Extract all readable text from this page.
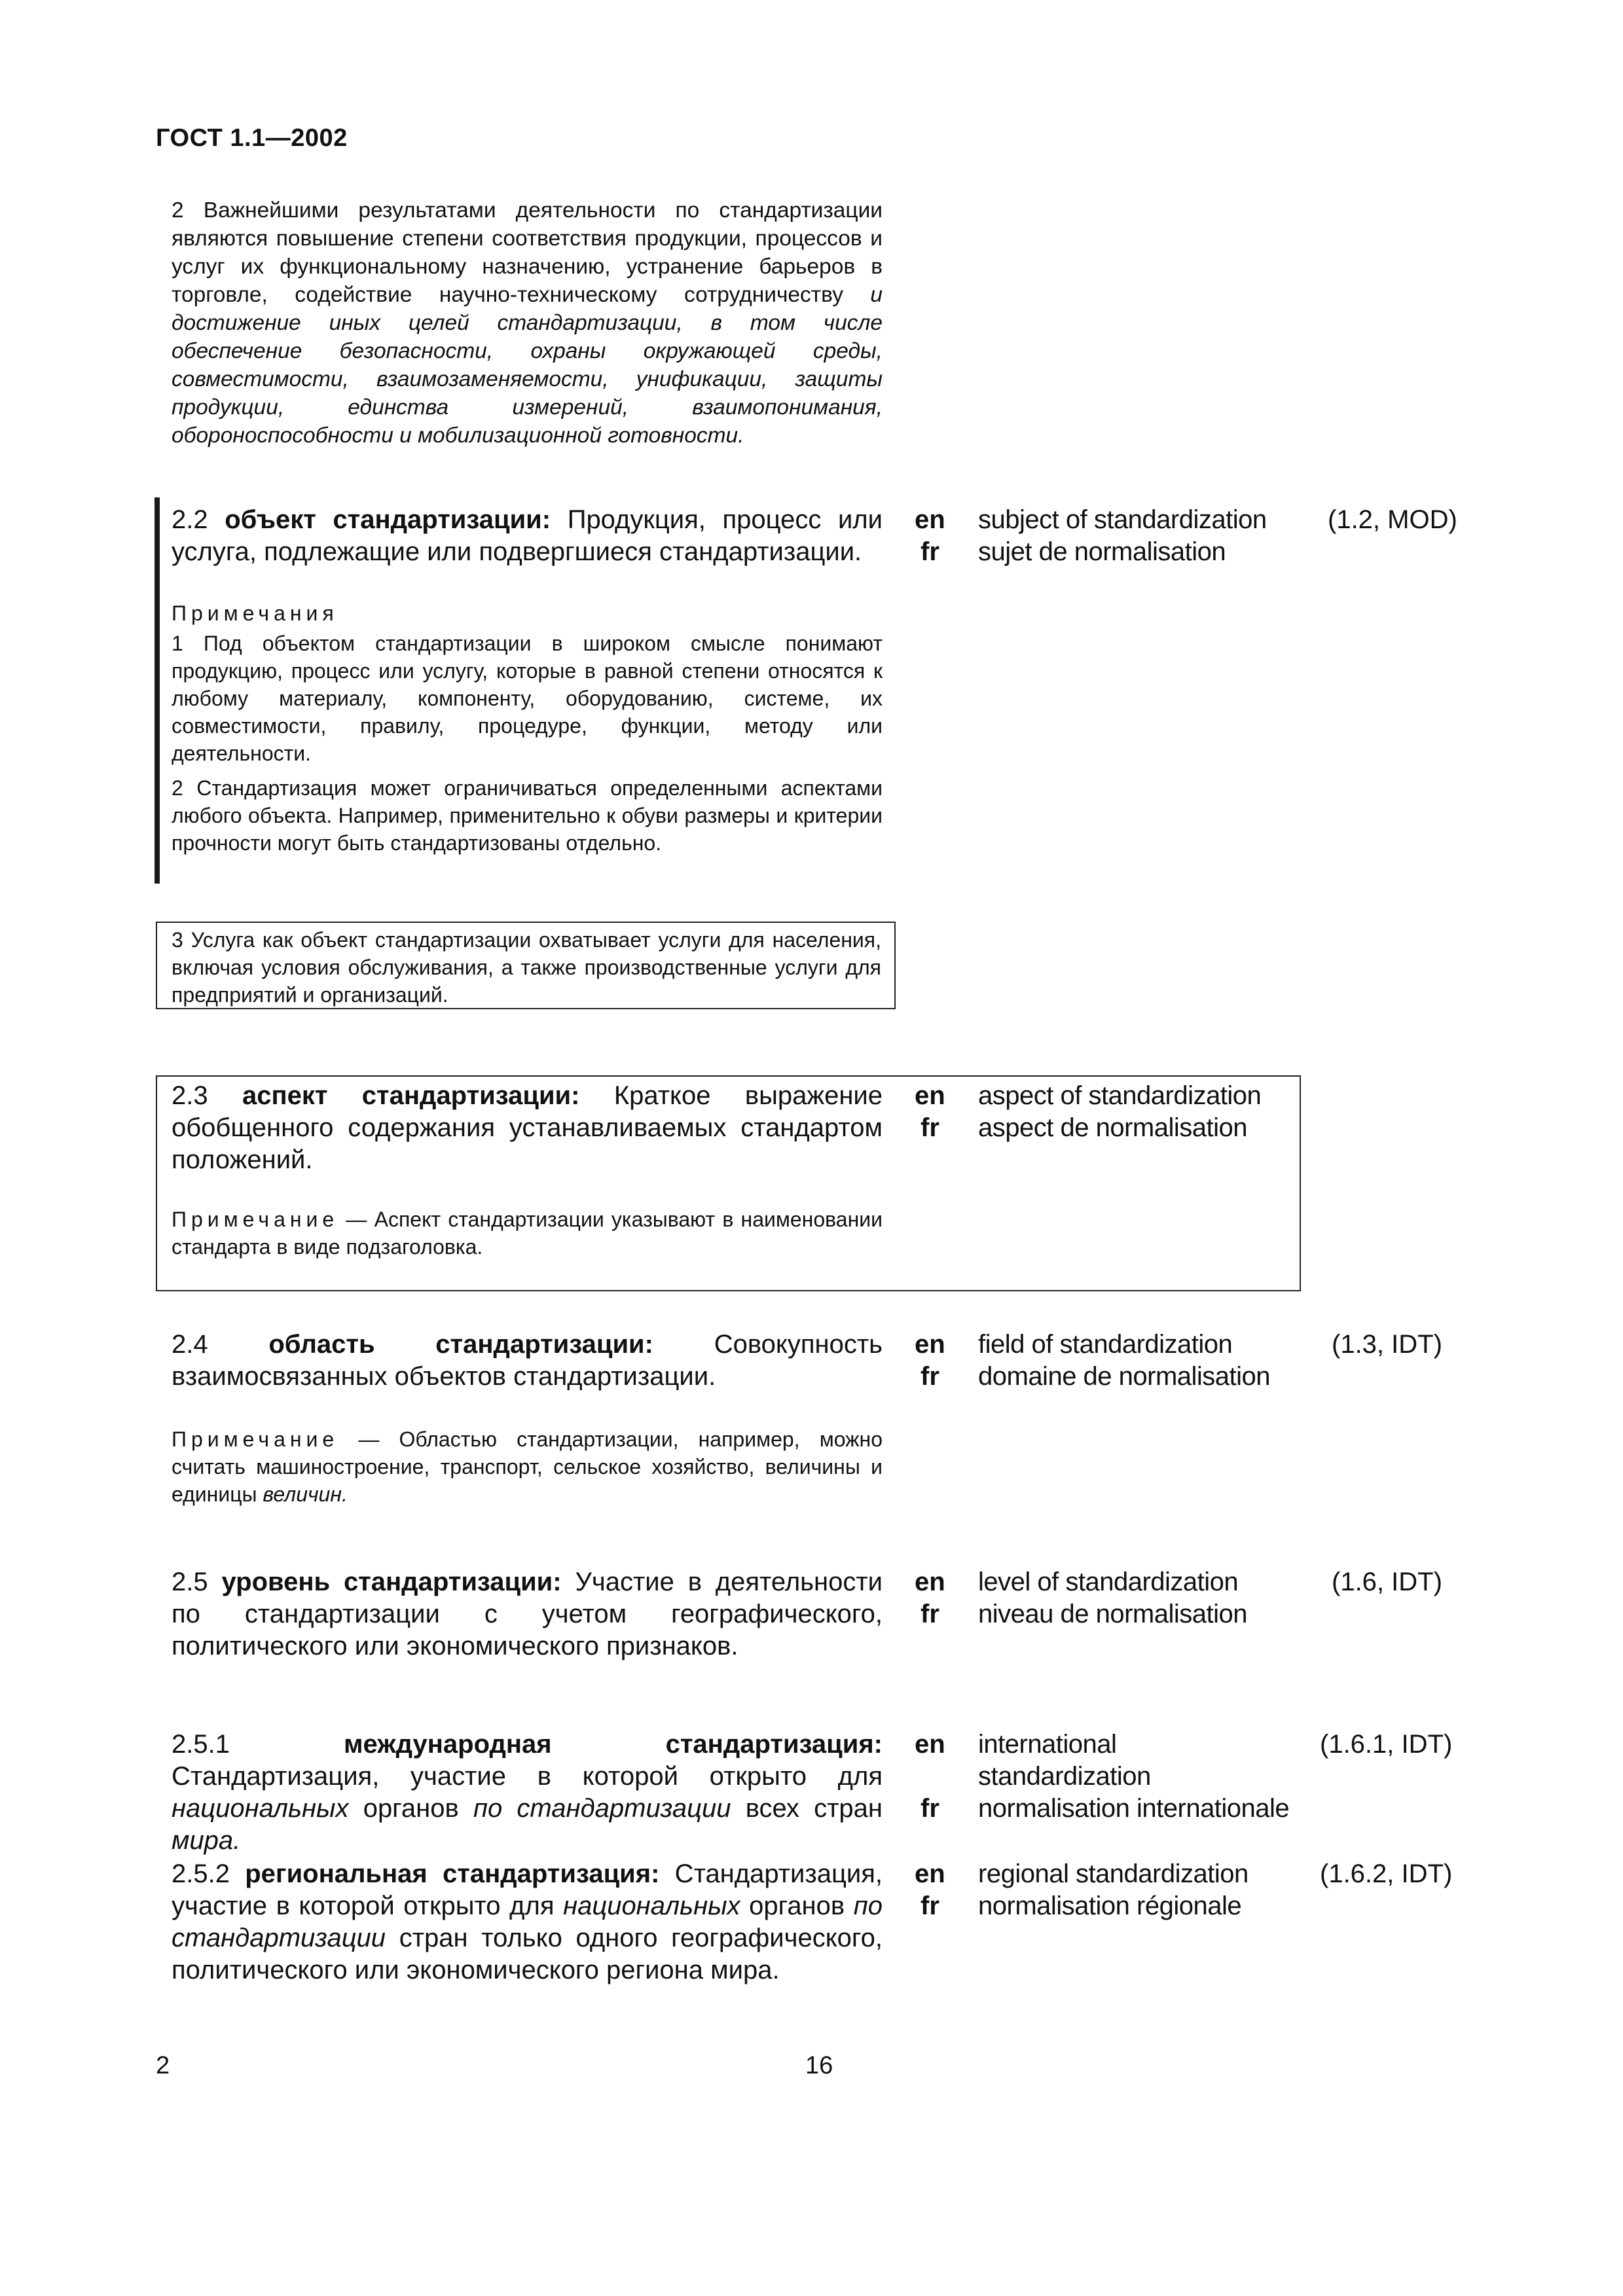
ГОСТ 1.1—2002
2 Важнейшими результатами деятельности по стандартизации являются повышение степени соответствия продукции, процессов и услуг их функциональному назначению, устранение барьеров в торговле, содействие научно-техническому сотрудничеству и достижение иных целей стандартизации, в том числе обеспечение безопасности, охраны окружающей среды, совместимости, взаимозаменяемости, унификации, защиты продукции, единства измерений, взаимопонимания, обороноспособности и мобилизационной готовности.
2.2 объект стандартизации: Продукция, процесс или услуга, подлежащие или подвергшиеся стандартизации.
en
fr
subject of standardization
sujet de normalisation
(1.2, MOD)
Примечания
1 Под объектом стандартизации в широком смысле понимают продукцию, процесс или услугу, которые в равной степени относятся к любому материалу, компоненту, оборудованию, системе, их совместимости, правилу, процедуре, функции, методу или деятельности.
2 Стандартизация может ограничиваться определенными аспектами любого объекта. Например, применительно к обуви размеры и критерии прочности могут быть стандартизованы отдельно.
3 Услуга как объект стандартизации охватывает услуги для населения, включая условия обслуживания, а также производственные услуги для предприятий и организаций.
2.3 аспект стандартизации: Краткое выражение обобщенного содержания устанавливаемых стандартом положений.
en
fr
aspect of standardization
aspect de normalisation
Примечание — Аспект стандартизации указывают в наименовании стандарта в виде подзаголовка.
2.4 область стандартизации: Совокупность взаимосвязанных объектов стандартизации.
en
fr
field of standardization
domaine de normalisation
(1.3, IDT)
Примечание — Областью стандартизации, например, можно считать машиностроение, транспорт, сельское хозяйство, величины и единицы величин.
2.5 уровень стандартизации: Участие в деятельности по стандартизации с учетом географического, политического или экономического признаков.
en
fr
level of standardization
niveau de normalisation
(1.6, IDT)
2.5.1 международная стандартизация: Стандартизация, участие в которой открыто для национальных органов по стандартизации всех стран мира.
en
fr
international standardization
normalisation internationale
(1.6.1, IDT)
2.5.2 региональная стандартизация: Стандартизация, участие в которой открыто для национальных органов по стандартизации стран только одного географического, политического или экономического региона мира.
en
fr
regional standardization
normalisation régionale
(1.6.2, IDT)
2	16
